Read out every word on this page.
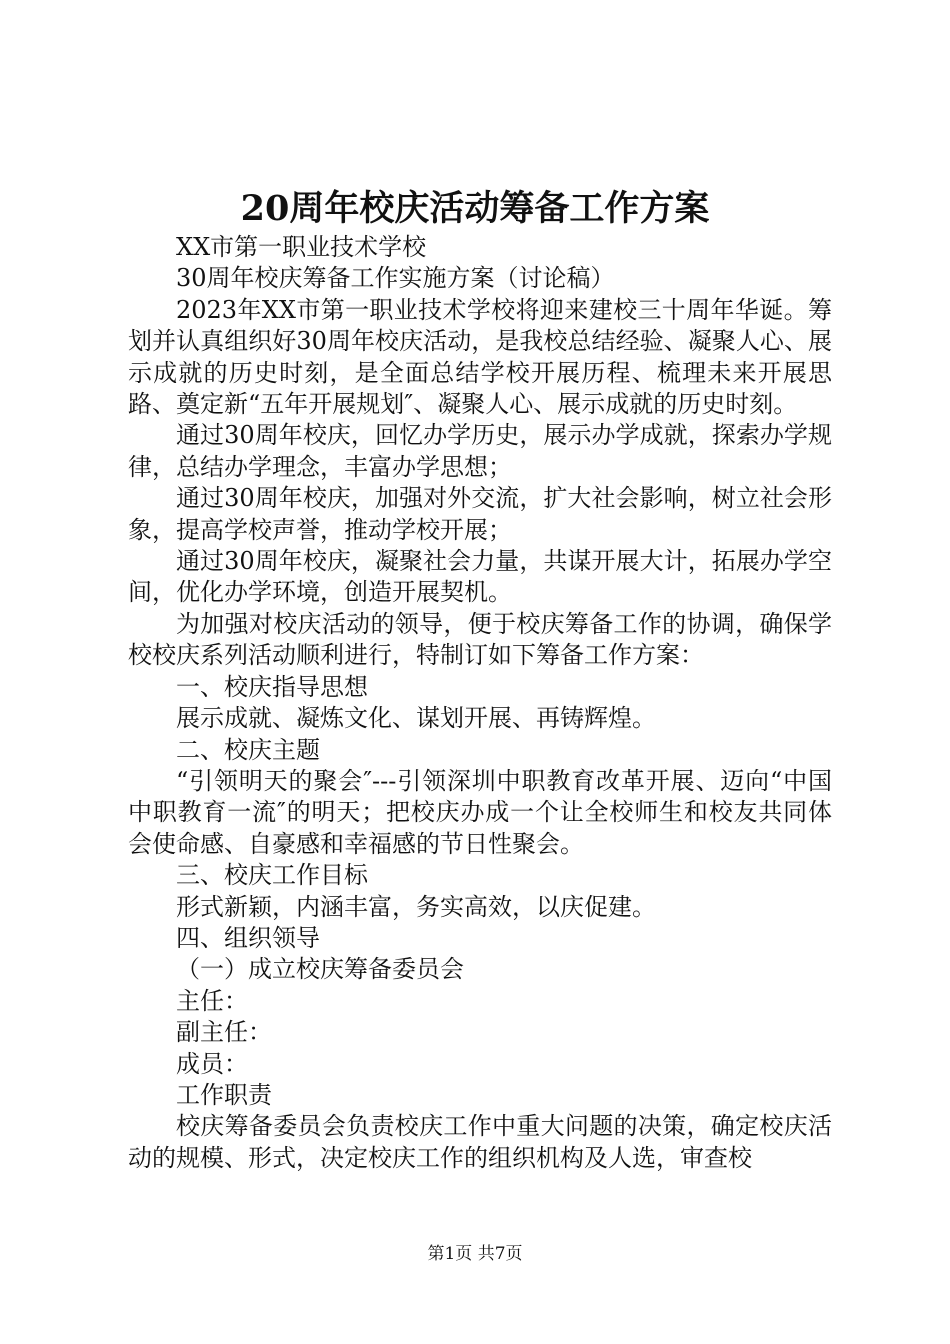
20周年校庆活动筹备工作方案

XX市第一职业技术学校

30周年校庆筹备工作实施方案（讨论稿）

2023年XX市第一职业技术学校将迎来建校三十周年华诞。筹划并认真组织好30周年校庆活动，是我校总结经验、凝聚人心、展示成就的历史时刻，是全面总结学校开展历程、梳理未来开展思路、奠定新“五年开展规划″、凝聚人心、展示成就的历史时刻。

通过30周年校庆，回忆办学历史，展示办学成就，探索办学规律，总结办学理念，丰富办学思想；

通过30周年校庆，加强对外交流，扩大社会影响，树立社会形象，提高学校声誉，推动学校开展；

通过30周年校庆，凝聚社会力量，共谋开展大计，拓展办学空间，优化办学环境，创造开展契机。

为加强对校庆活动的领导，便于校庆筹备工作的协调，确保学校校庆系列活动顺利进行，特制订如下筹备工作方案：

一、校庆指导思想

展示成就、凝炼文化、谋划开展、再铸辉煌。

二、校庆主题

“引领明天的聚会″---引领深圳中职教育改革开展、迈向“中国中职教育一流″的明天；把校庆办成一个让全校师生和校友共同体会使命感、自豪感和幸福感的节日性聚会。

三、校庆工作目标

形式新颖，内涵丰富，务实高效，以庆促建。

四、组织领导

（一）成立校庆筹备委员会

主任：

副主任：

成员：

工作职责

校庆筹备委员会负责校庆工作中重大问题的决策，确定校庆活动的规模、形式，决定校庆工作的组织机构及人选，审查校

第1页 共7页
